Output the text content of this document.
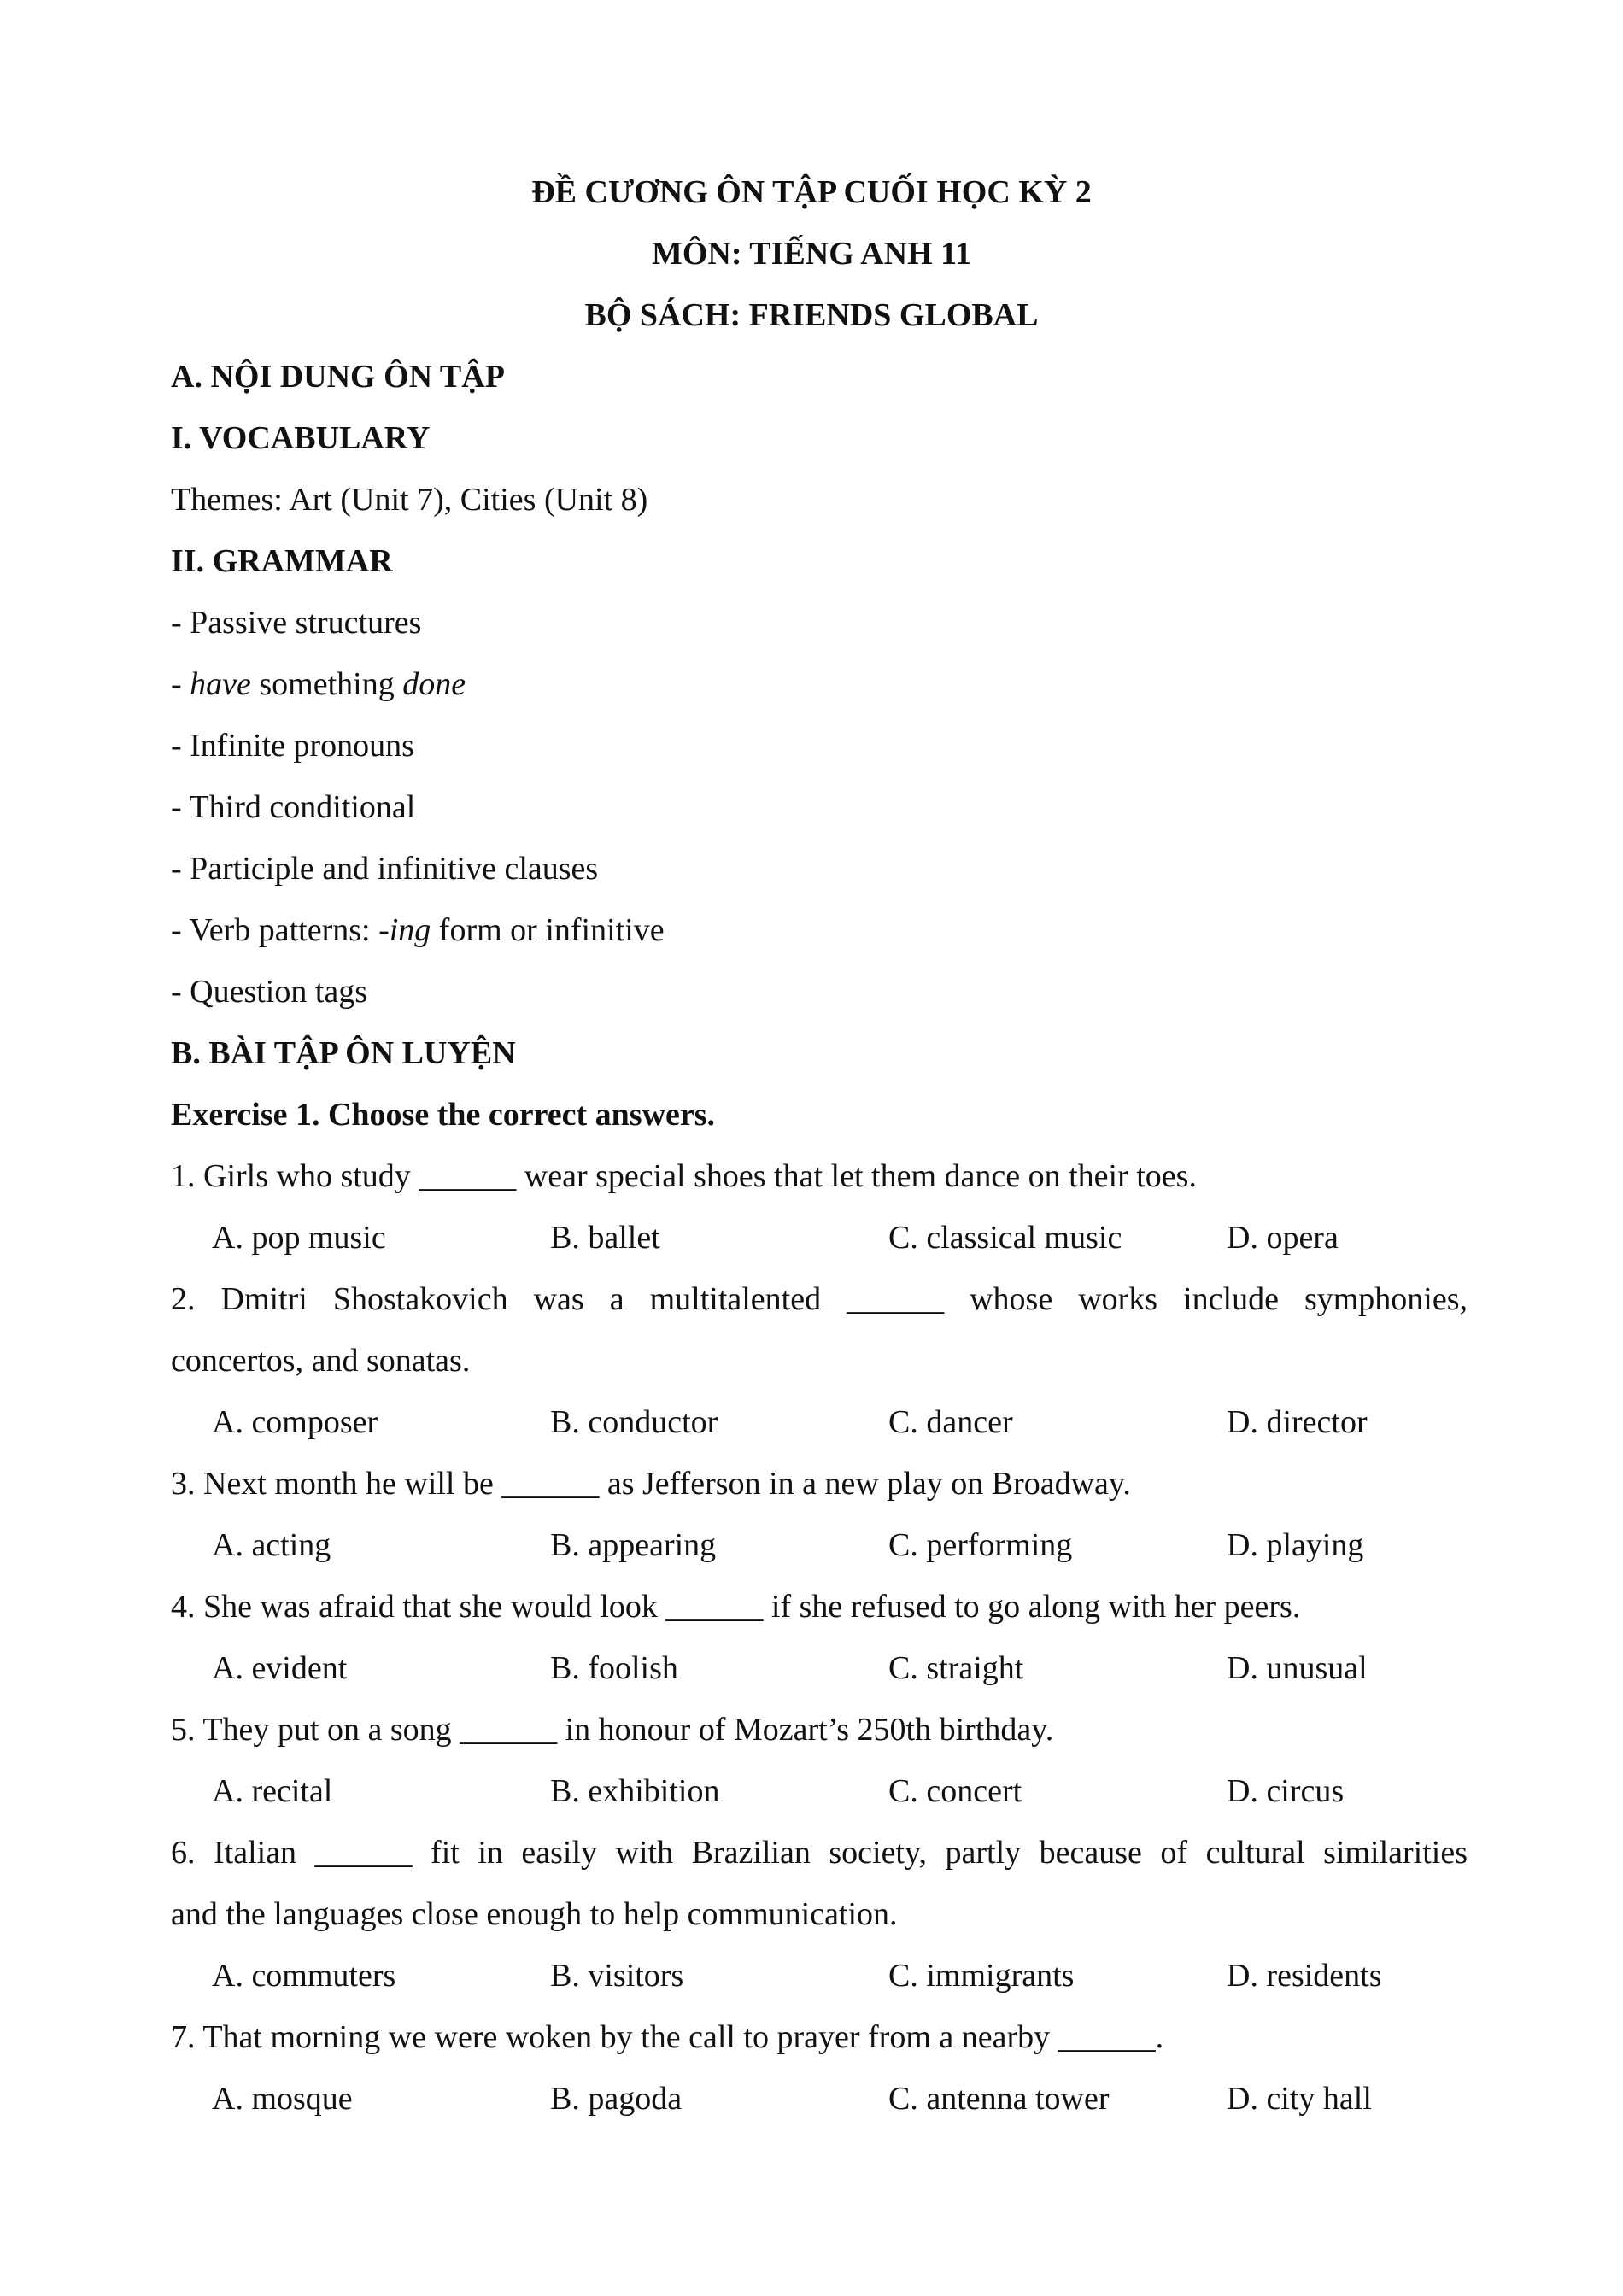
ĐỀ CƯƠNG ÔN TẬP CUỐI HỌC KỲ 2
MÔN: TIẾNG ANH 11
BỘ SÁCH: FRIENDS GLOBAL
A. NỘI DUNG ÔN TẬP
I. VOCABULARY
Themes: Art (Unit 7), Cities (Unit 8)
II. GRAMMAR
- Passive structures
- have something done
- Infinite pronouns
- Third conditional
- Participle and infinitive clauses
- Verb patterns: -ing form or infinitive
- Question tags
B. BÀI TẬP ÔN LUYỆN
Exercise 1. Choose the correct answers.
1. Girls who study ______ wear special shoes that let them dance on their toes.
A. pop music	B. ballet	C. classical music	D. opera
2. Dmitri Shostakovich was a multitalented ______ whose works include symphonies,
concertos, and sonatas.
A. composer	B. conductor	C. dancer	D. director
3. Next month he will be ______ as Jefferson in a new play on Broadway.
A. acting	B. appearing	C. performing	D. playing
4. She was afraid that she would look ______ if she refused to go along with her peers.
A. evident	B. foolish	C. straight	D. unusual
5. They put on a song ______ in honour of Mozart’s 250th birthday.
A. recital	B. exhibition	C. concert	D. circus
6. Italian ______ fit in easily with Brazilian society, partly because of cultural similarities
and the languages close enough to help communication.
A. commuters	B. visitors	C. immigrants	D. residents
7. That morning we were woken by the call to prayer from a nearby ______.
A. mosque	B. pagoda	C. antenna tower	D. city hall
